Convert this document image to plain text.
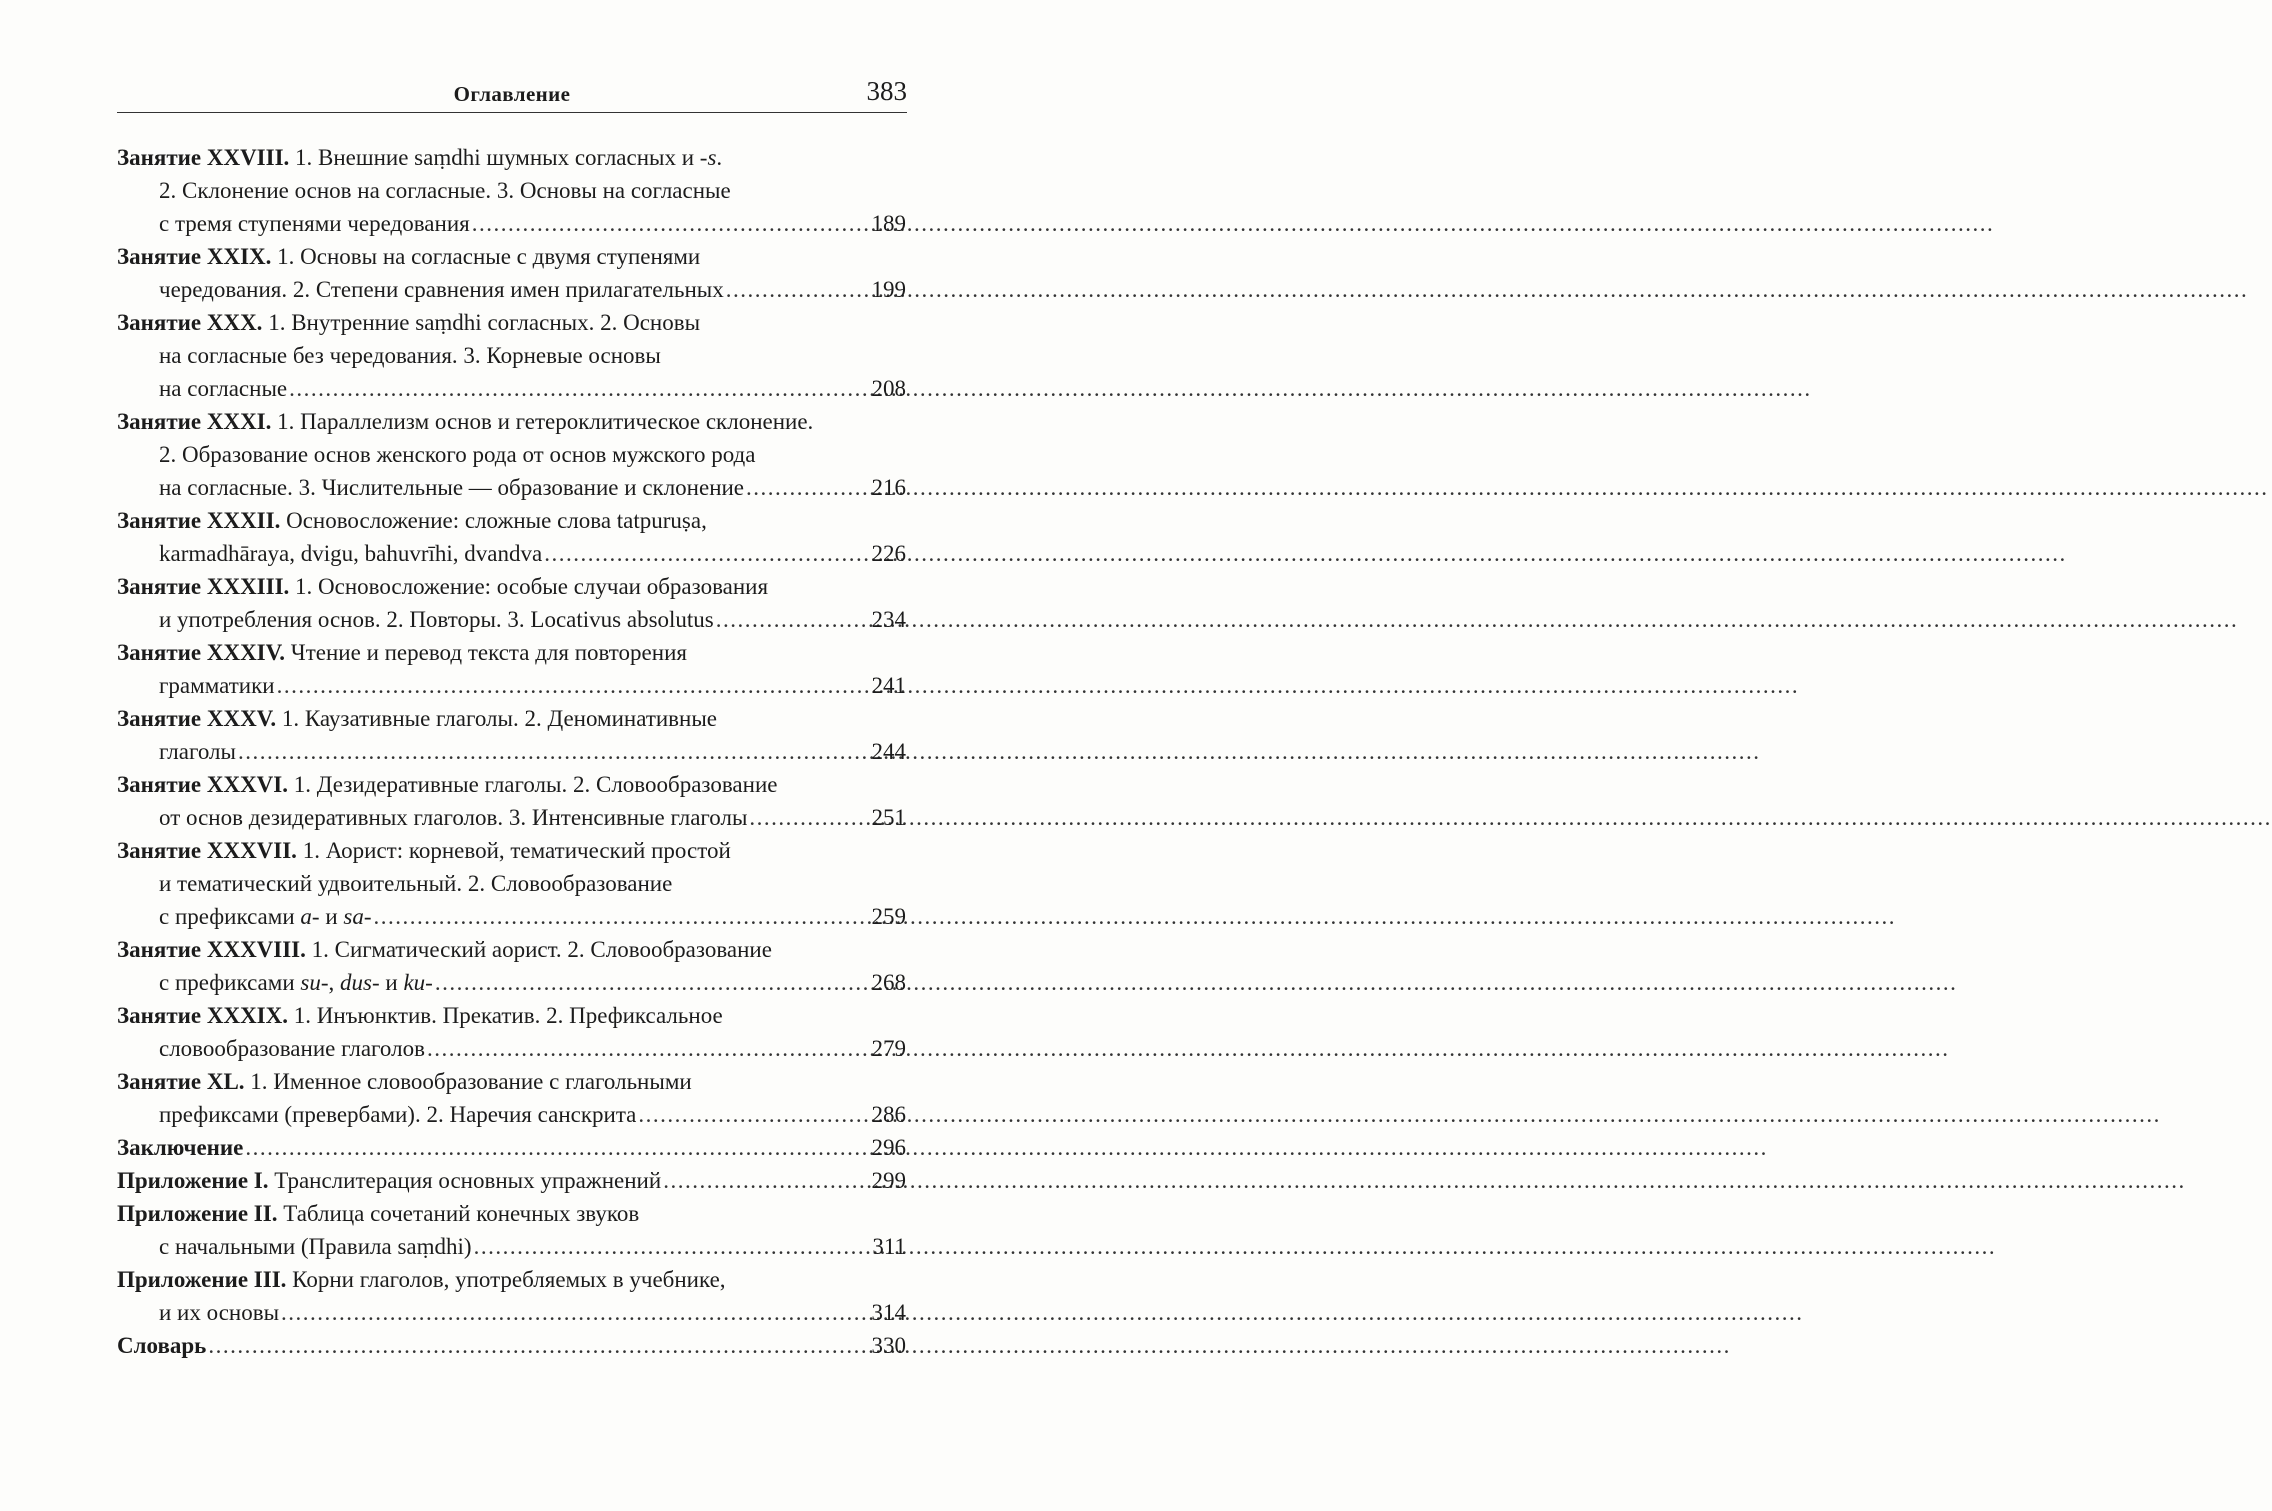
Оглавление	383
Занятие XXVIII. 1. Внешние saṃdhi шумных согласных и -s.
2. Склонение основ на согласные. 3. Основы на согласные
с тремя ступенями чередования .....	189
Занятие XXIX. 1. Основы на согласные с двумя ступенями
чередования. 2. Степени сравнения имен прилагательных .....	199
Занятие XXX. 1. Внутренние saṃdhi согласных. 2. Основы
на согласные без чередования. 3. Корневые основы
на согласные .....	208
Занятие XXXI. 1. Параллелизм основ и гетероклитическое склонение.
2. Образование основ женского рода от основ мужского рода
на согласные. 3. Числительные — образование и склонение .....	216
Занятие XXXII. Основосложение: сложные слова tatpuruṣa,
karmadhāraya, dvigu, bahuvrīhi, dvandva .....	226
Занятие XXXIII. 1. Основосложение: особые случаи образования
и употребления основ. 2. Повторы. 3. Locativus absolutus .....	234
Занятие XXXIV. Чтение и перевод текста для повторения
грамматики .....	241
Занятие XXXV. 1. Каузативные глаголы. 2. Деноминативные
глаголы .....	244
Занятие XXXVI. 1. Дезидеративные глаголы. 2. Словообразование
от основ дезидеративных глаголов. 3. Интенсивные глаголы .....	251
Занятие XXXVII. 1. Аорист: корневой, тематический простой
и тематический удвоительный. 2. Словообразование
с префиксами a- и sa- .....	259
Занятие XXXVIII. 1. Сигматический аорист. 2. Словообразование
с префиксами su-, dus- и ku- .....	268
Занятие XXXIX. 1. Инъюнктив. Прекатив. 2. Префиксальное
словообразование глаголов .....	279
Занятие XL. 1. Именное словообразование с глагольными
префиксами (превербами). 2. Наречия санскрита .....	286
Заключение .....	296
Приложение I. Транслитерация основных упражнений .....	299
Приложение II. Таблица сочетаний конечных звуков
с начальными (Правила saṃdhi) .....	311
Приложение III. Корни глаголов, употребляемых в учебнике,
и их основы .....	314
Словарь .....	330
